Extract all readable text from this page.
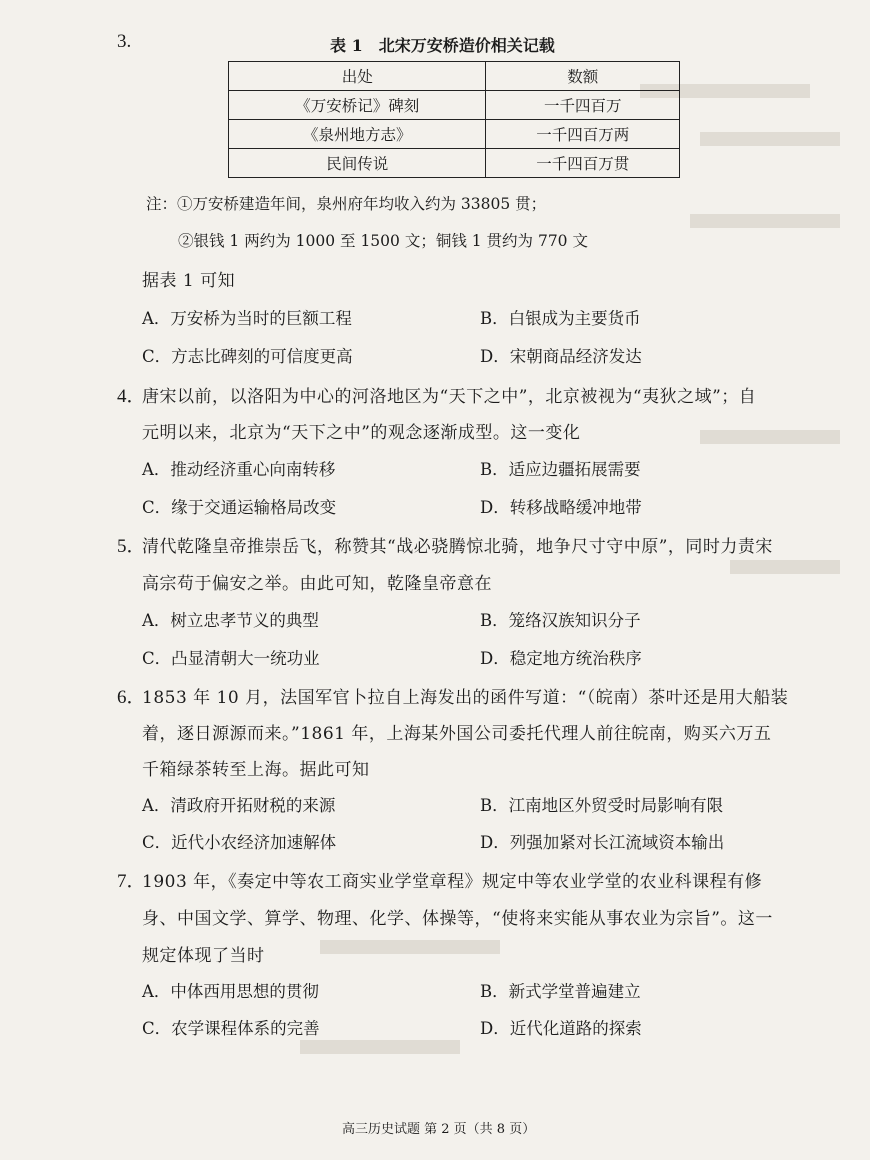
3.	表 1　北宋万安桥造价相关记载
出处	数额
《万安桥记》碑刻	一千四百万
《泉州地方志》	一千四百万两
民间传说	一千四百万贯
注：①万安桥建造年间，泉州府年均收入约为 33805 贯；
②银钱 1 两约为 1000 至 1500 文；铜钱 1 贯约为 770 文
据表 1 可知
A．万安桥为当时的巨额工程	B．白银成为主要货币
C．方志比碑刻的可信度更高	D．宋朝商品经济发达
4．
唐宋以前，以洛阳为中心的河洛地区为“天下之中”，北京被视为“夷狄之域”；自
元明以来，北京为“天下之中”的观念逐渐成型。这一变化
A．推动经济重心向南转移	B．适应边疆拓展需要
C．缘于交通运输格局改变	D．转移战略缓冲地带
5．
清代乾隆皇帝推崇岳飞，称赞其“战必骁腾惊北骑，地争尺寸守中原”，同时力责宋
高宗苟于偏安之举。由此可知，乾隆皇帝意在
A．树立忠孝节义的典型	B．笼络汉族知识分子
C．凸显清朝大一统功业	D．稳定地方统治秩序
6．
1853 年 10 月，法国军官卜拉自上海发出的函件写道：“（皖南）茶叶还是用大船装
着，逐日源源而来。”1861 年，上海某外国公司委托代理人前往皖南，购买六万五
千箱绿茶转至上海。据此可知
A．清政府开拓财税的来源	B．江南地区外贸受时局影响有限
C．近代小农经济加速解体	D．列强加紧对长江流域资本输出
7．
1903 年，《奏定中等农工商实业学堂章程》规定中等农业学堂的农业科课程有修
身、中国文学、算学、物理、化学、体操等，“使将来实能从事农业为宗旨”。这一
规定体现了当时
A．中体西用思想的贯彻	B．新式学堂普遍建立
C．农学课程体系的完善	D．近代化道路的探索
高三历史试题 第 2 页（共 8 页）
